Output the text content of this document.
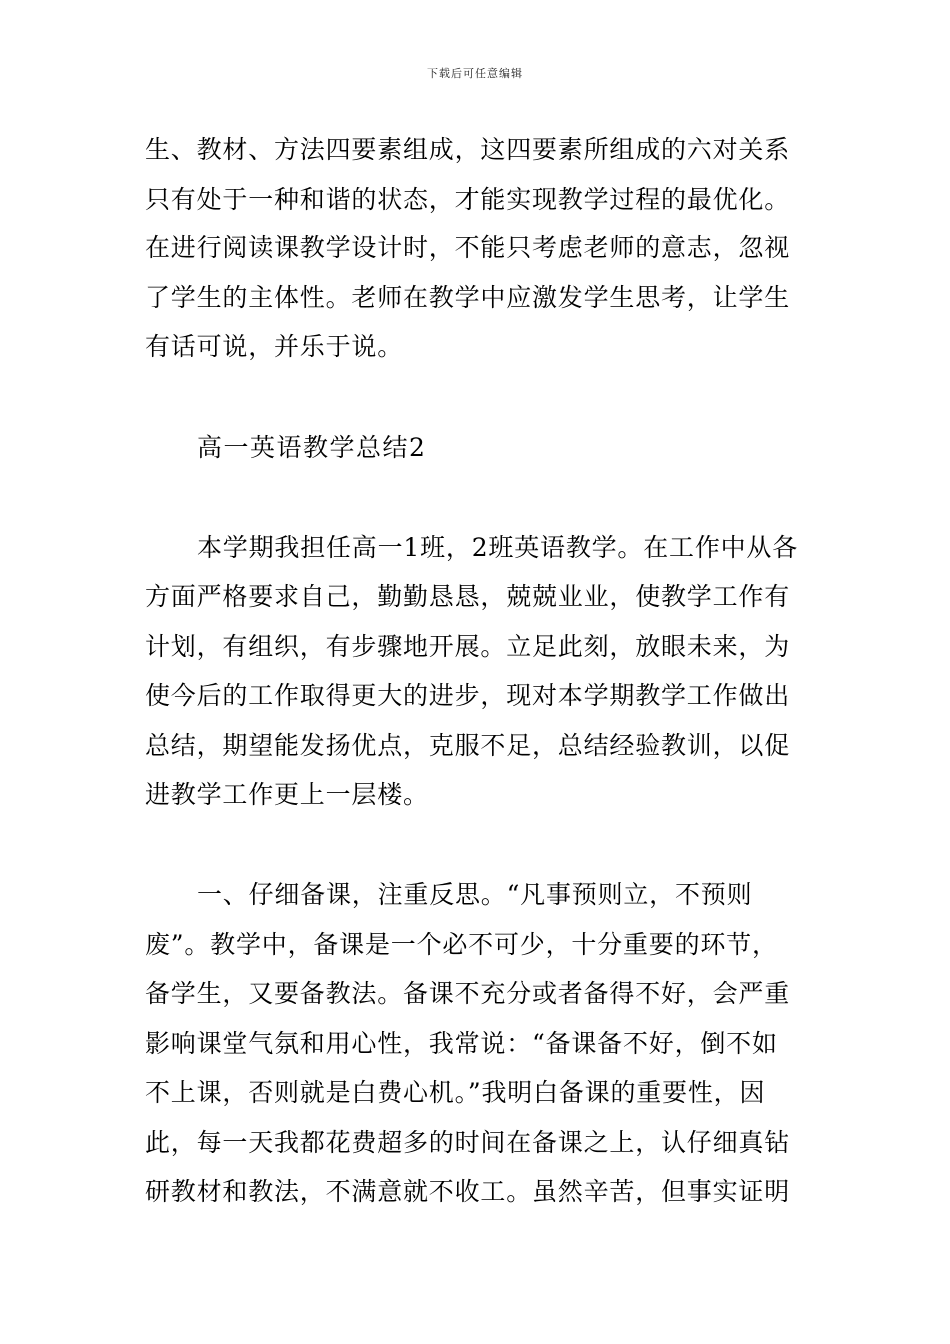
下载后可任意编辑
生、教材、方法四要素组成，这四要素所组成的六对关系
只有处于一种和谐的状态，才能实现教学过程的最优化。
在进行阅读课教学设计时，不能只考虑老师的意志，忽视
了学生的主体性。老师在教学中应激发学生思考，让学生
有话可说，并乐于说。
高一英语教学总结2
本学期我担任高一1班，2班英语教学。在工作中从各
方面严格要求自己，勤勤恳恳，兢兢业业，使教学工作有
计划，有组织，有步骤地开展。立足此刻，放眼未来，为
使今后的工作取得更大的进步，现对本学期教学工作做出
总结，期望能发扬优点，克服不足，总结经验教训，以促
进教学工作更上一层楼。
一、仔细备课，注重反思。“凡事预则立，不预则
废”。教学中，备课是一个必不可少，十分重要的环节，
备学生，又要备教法。备课不充分或者备得不好，会严重
影响课堂气氛和用心性，我常说：“备课备不好，倒不如
不上课，否则就是白费心机。”我明白备课的重要性，因
此，每一天我都花费超多的时间在备课之上，认仔细真钻
研教材和教法，不满意就不收工。虽然辛苦，但事实证明
